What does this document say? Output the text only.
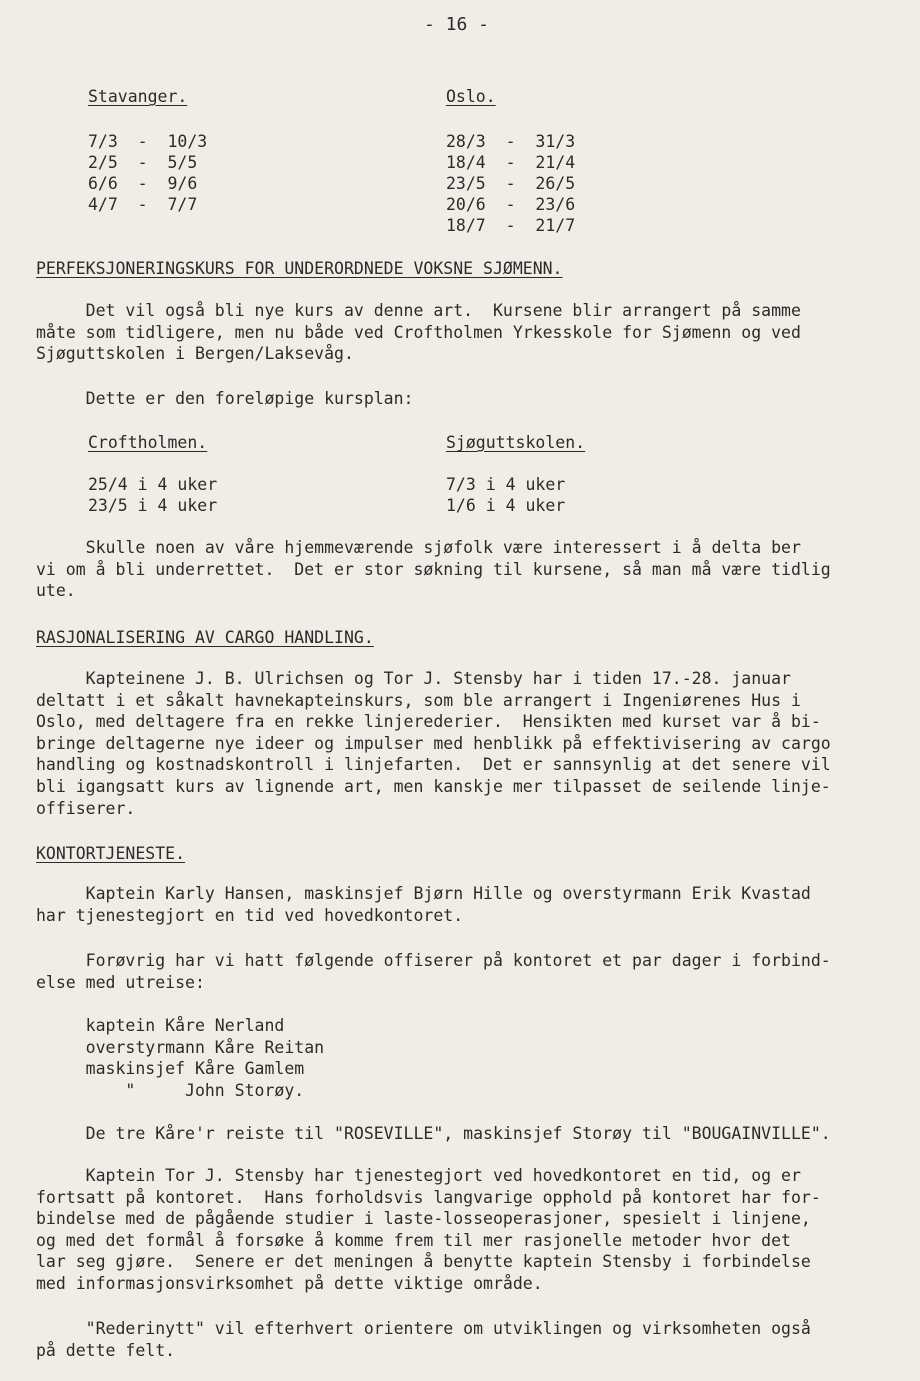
- 16 -
Stavanger.
7/3  -  10/3
2/5  -  5/5
6/6  -  9/6
4/7  -  7/7
Oslo.
28/3  -  31/3
18/4  -  21/4
23/5  -  26/5
20/6  -  23/6
18/7  -  21/7
PERFEKSJONERINGSKURS FOR UNDERORDNEDE VOKSNE SJØMENN.
Det vil også bli nye kurs av denne art.  Kursene blir arrangert på samme
måte som tidligere, men nu både ved Croftholmen Yrkesskole for Sjømenn og ved
Sjøguttskolen i Bergen/Laksevåg.
Dette er den foreløpige kursplan:
Croftholmen.
25/4 i 4 uker
23/5 i 4 uker
Sjøguttskolen.
7/3 i 4 uker
1/6 i 4 uker
Skulle noen av våre hjemmeværende sjøfolk være interessert i å delta ber
vi om å bli underrettet.  Det er stor søkning til kursene, så man må være tidlig
ute.
RASJONALISERING AV CARGO HANDLING.
Kapteinene J. B. Ulrichsen og Tor J. Stensby har i tiden 17.-28. januar
deltatt i et såkalt havnekapteinskurs, som ble arrangert i Ingeniørenes Hus i
Oslo, med deltagere fra en rekke linjerederier.  Hensikten med kurset var å bi-
bringe deltagerne nye ideer og impulser med henblikk på effektivisering av cargo
handling og kostnadskontroll i linjefarten.  Det er sannsynlig at det senere vil
bli igangsatt kurs av lignende art, men kanskje mer tilpasset de seilende linje-
offiserer.
KONTORTJENESTE.
Kaptein Karly Hansen, maskinsjef Bjørn Hille og overstyrmann Erik Kvastad
har tjenestegjort en tid ved hovedkontoret.
Forøvrig har vi hatt følgende offiserer på kontoret et par dager i forbind-
else med utreise:
kaptein Kåre Nerland
overstyrmann Kåre Reitan
maskinsjef Kåre Gamlem
"     John Storøy.
De tre Kåre'r reiste til "ROSEVILLE", maskinsjef Storøy til "BOUGAINVILLE".
Kaptein Tor J. Stensby har tjenestegjort ved hovedkontoret en tid, og er
fortsatt på kontoret.  Hans forholdsvis langvarige opphold på kontoret har for-
bindelse med de pågående studier i laste-losseoperasjoner, spesielt i linjene,
og med det formål å forsøke å komme frem til mer rasjonelle metoder hvor det
lar seg gjøre.  Senere er det meningen å benytte kaptein Stensby i forbindelse
med informasjonsvirksomhet på dette viktige område.
"Rederinytt" vil efterhvert orientere om utviklingen og virksomheten også
på dette felt.
